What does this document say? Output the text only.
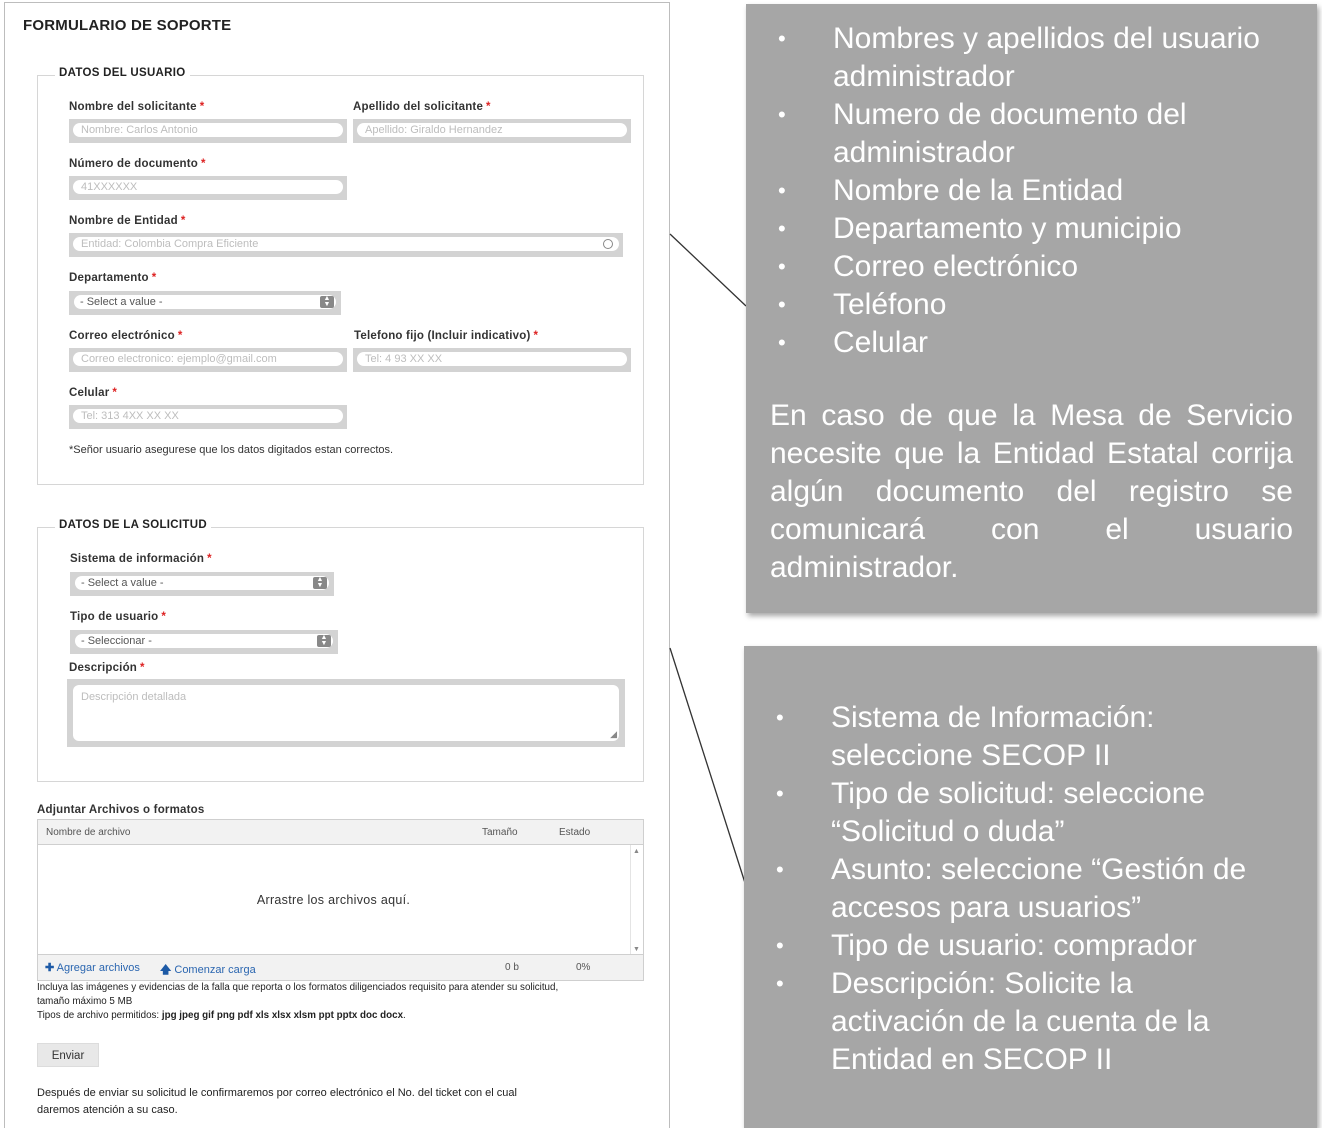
FORMULARIO DE SOPORTE
DATOS DEL USUARIO
Nombre del solicitante *
Nombre: Carlos Antonio
Apellido del solicitante *
Apellido: Giraldo Hernandez
Número de documento *
41XXXXXX
Nombre de Entidad *
Entidad: Colombia Compra Eficiente
Departamento *
- Select a value -	▲
▼
Correo electrónico *
Correo electronico: ejemplo@gmail.com
Telefono fijo (Incluir indicativo) *
Tel: 4 93 XX XX
Celular *
Tel: 313 4XX XX XX
*Señor usuario asegurese que los datos digitados estan correctos.
DATOS DE LA SOLICITUD
Sistema de información *
- Select a value -	▲
▼
Tipo de usuario *
- Seleccionar -	▲
▼
Descripción *
Descripción detallada
◢
Adjuntar Archivos o formatos
Nombre de archivo	Tamaño	Estado
Arrastre los archivos aquí.
▲
▼
✚ Agregar archivos 🡅 Comenzar carga	0 b	0%
Incluya las imágenes y evidencias de la falla que reporta o los formatos diligenciados requisito para atender su solicitud,
tamaño máximo 5 MB
Tipos de archivo permitidos: jpg jpeg gif png pdf xls xlsx xlsm ppt pptx doc docx.
Enviar
Después de enviar su solicitud le confirmaremos por correo electrónico el No. del ticket con el cual
daremos atención a su caso.
• Nombres y apellidos del usuario
administrador
• Numero de documento del
administrador
• Nombre de la Entidad
• Departamento y municipio
• Correo electrónico
• Teléfono
• Celular
En caso de que la Mesa de Servicio necesite que la Entidad Estatal corrija algún documento del registro se comunicará con el usuario administrador.
• Sistema de Información:
seleccione SECOP II
• Tipo de solicitud: seleccione
“Solicitud o duda”
• Asunto: seleccione “Gestión de
accesos para usuarios”
• Tipo de usuario: comprador
• Descripción: Solicite la
activación de la cuenta de la
Entidad en SECOP II
